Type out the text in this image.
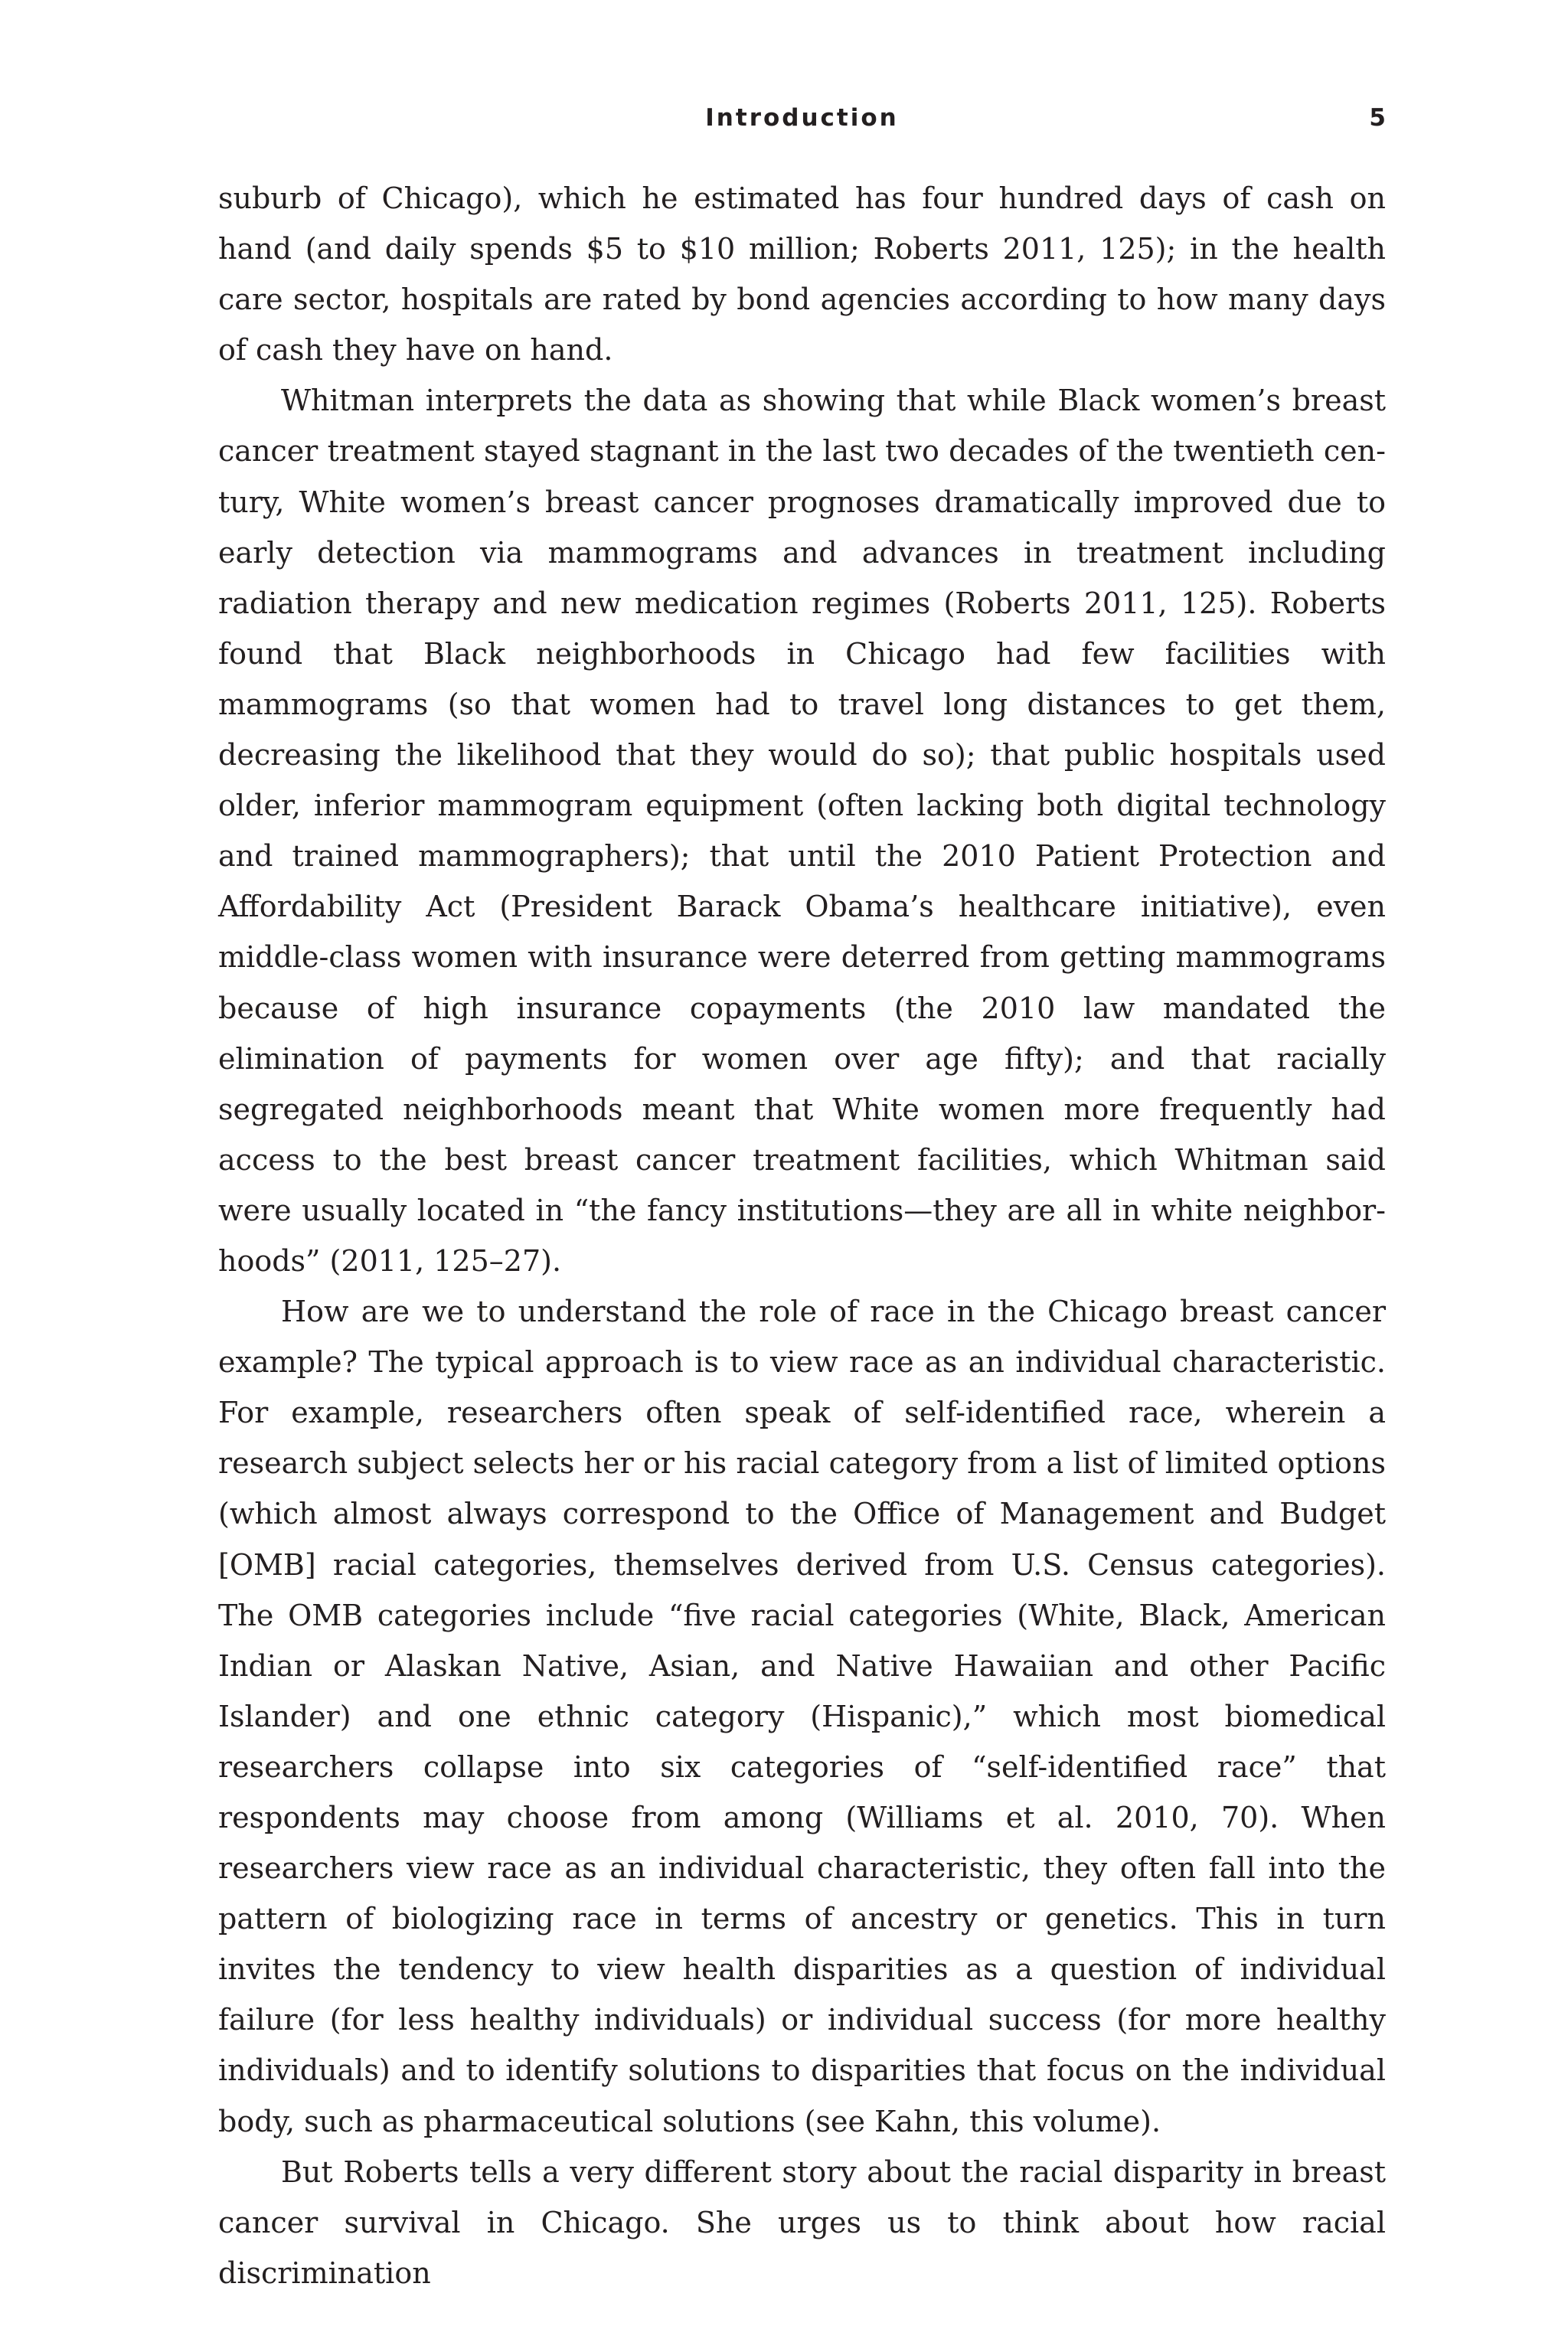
Introduction	5

suburb of Chicago), which he estimated has four hundred days of cash on hand (and daily spends $5 to $10 million; Roberts 2011, 125); in the health care sector, hospitals are rated by bond agencies according to how many days of cash they have on hand.

Whitman interprets the data as showing that while Black women’s breast cancer treatment stayed stagnant in the last two decades of the twentieth century, White women’s breast cancer prognoses dramatically improved due to early detection via mammograms and advances in treatment including radiation therapy and new medication regimes (Roberts 2011, 125). Roberts found that Black neighborhoods in Chicago had few facilities with mammograms (so that women had to travel long distances to get them, decreasing the likelihood that they would do so); that public hospitals used older, inferior mammogram equipment (often lacking both digital technology and trained mammographers); that until the 2010 Patient Protection and Affordability Act (President Barack Obama’s healthcare initiative), even middle-class women with insurance were deterred from getting mammograms because of high insurance copayments (the 2010 law mandated the elimination of payments for women over age fifty); and that racially segregated neighborhoods meant that White women more frequently had access to the best breast cancer treatment facilities, which Whitman said were usually located in “the fancy institutions—they are all in white neighborhoods” (2011, 125–27).

How are we to understand the role of race in the Chicago breast cancer example? The typical approach is to view race as an individual characteristic. For example, researchers often speak of self-identified race, wherein a research subject selects her or his racial category from a list of limited options (which almost always correspond to the Office of Management and Budget [OMB] racial categories, themselves derived from U.S. Census categories). The OMB categories include “five racial categories (White, Black, American Indian or Alaskan Native, Asian, and Native Hawaiian and other Pacific Islander) and one ethnic category (Hispanic),” which most biomedical researchers collapse into six categories of “self-identified race” that respondents may choose from among (Williams et al. 2010, 70). When researchers view race as an individual characteristic, they often fall into the pattern of biologizing race in terms of ancestry or genetics. This in turn invites the tendency to view health disparities as a question of individual failure (for less healthy individuals) or individual success (for more healthy individuals) and to identify solutions to disparities that focus on the individual body, such as pharmaceutical solutions (see Kahn, this volume).

But Roberts tells a very different story about the racial disparity in breast cancer survival in Chicago. She urges us to think about how racial discrimination
